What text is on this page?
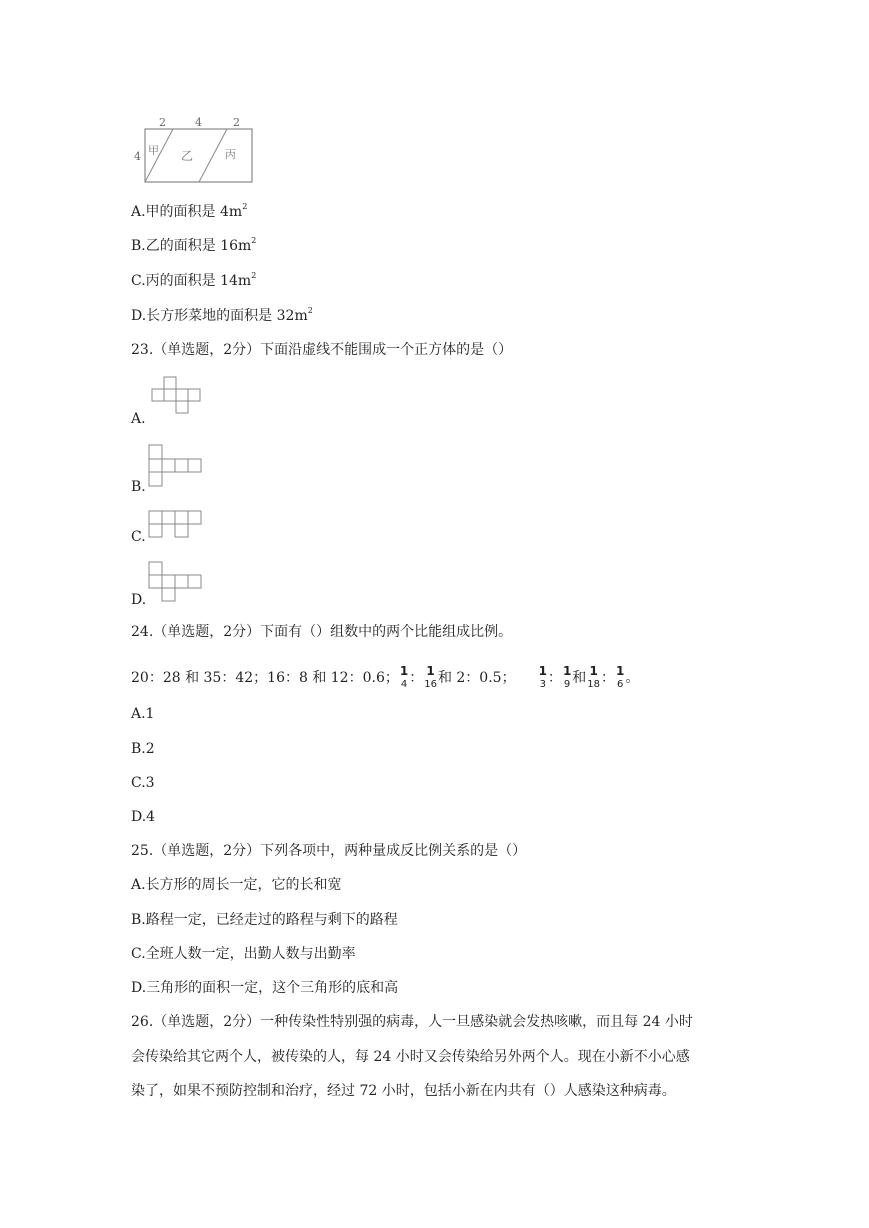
2	4	2
4 甲 乙	丙
A.甲的面积是 $4m^2$
B.乙的面积是 $16m^2$
C.丙的面积是 $14m^2$
D.长方形菜地的面积是 $32m^2$
23.（单选题，2分）下面沿虚线不能围成一个正方体的是（）
A.
B.
C.
D.
24.（单选题，2分）下面有（）组数中的两个比能组成比例。
20：28 和 35：42；16：8 和 12：0.6； 1
4 ： 1
16 和 2：0.5； 1
3 ： 1
9 和 1
18 ： 1
6 。
A.1
B.2
C.3
D.4
25.（单选题，2分）下列各项中，两种量成反比例关系的是（）
A.长方形的周长一定，它的长和宽
B.路程一定，已经走过的路程与剩下的路程
C.全班人数一定，出勤人数与出勤率
D.三角形的面积一定，这个三角形的底和高
26.（单选题，2分）一种传染性特别强的病毒，人一旦感染就会发热咳嗽，而且每 24 小时
会传染给其它两个人，被传染的人，每 24 小时又会传染给另外两个人。现在小新不小心感
染了，如果不预防控制和治疗，经过 72 小时，包括小新在内共有（）人感染这种病毒。
